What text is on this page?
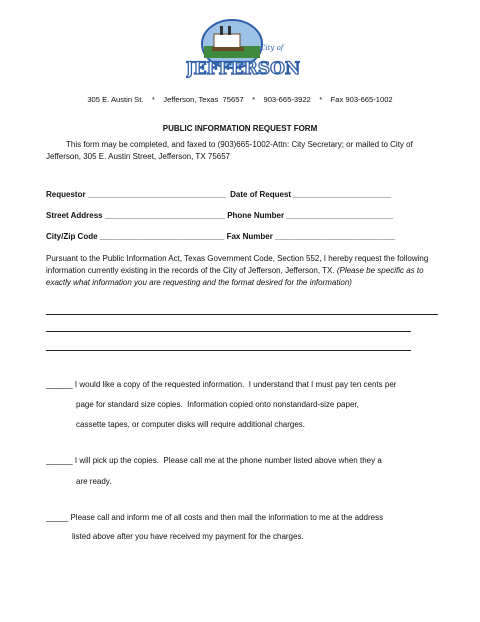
City of
JEFFERSON
305 E. Austin St.    *    Jefferson, Texas  75657    *    903-665-3922    *    Fax 903-665-1002
PUBLIC INFORMATION REQUEST FORM
This form may be completed, and faxed to (903)665-1002-Attn: City Secretary; or mailed to City of Jefferson, 305 E. Austin Street, Jefferson, TX 75657
Requestor _______________________________  Date of Request ______________________
Street Address ___________________________ Phone Number ________________________
City/Zip Code ____________________________ Fax Number ___________________________
Pursuant to the Public Information Act, Texas Government Code, Section 552, I hereby request the following information currently existing in the records of the City of Jefferson, Jefferson, TX. (Please be specific as to exactly what information you are requesting and the format desired for the information)
______ I would like a copy of the requested information.  I understand that I must pay ten cents per
page for standard size copies.  Information copied onto nonstandard-size paper,
cassette tapes, or computer disks will require additional charges.
______ I will pick up the copies.  Please call me at the phone number listed above when they a
are ready.
_____ Please call and inform me of all costs and then mail the information to me at the address
listed above after you have received my payment for the charges.
